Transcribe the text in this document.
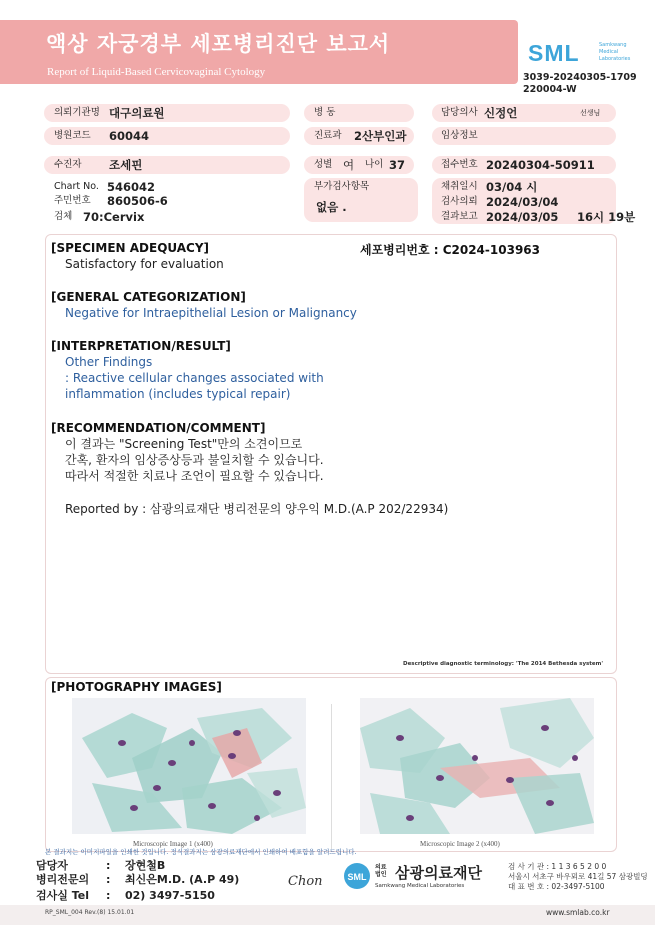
액상 자궁경부 세포병리진단 보고서
Report of Liquid-Based Cervicovaginal Cytology
SML	Samkwang
Medical
Laboratories
3039-20240305-1709
220004-W
의뢰기관명 대구의료원	병 동	담당의사 신정언	선생님
병원코드 60044	진료과 2산부인과	임상정보
수진자 조세핀	성별 여 나이 37	접수번호 20240304-50911
Chart No. 546042
주민번호 860506-6
검체 70:Cervix
부가검사항목
없음 .
채취일시 03/04 시
검사의뢰 2024/03/04
결과보고 2024/03/05 16시 19분
세포병리번호 : C2024-103963
[SPECIMEN ADEQUACY]
Satisfactory for evaluation
[GENERAL CATEGORIZATION]
Negative for Intraepithelial Lesion or Malignancy
[INTERPRETATION/RESULT]
Other Findings
: Reactive cellular changes associated with
inflammation (includes typical repair)
[RECOMMENDATION/COMMENT]
이 결과는 "Screening Test"만의 소견이므로
간혹, 환자의 임상증상등과 불일치할 수 있습니다.
따라서 적절한 치료나 조언이 필요할 수 있습니다.
Reported by : 삼광의료재단 병리전문의 양우익 M.D.(A.P 202/22934)
Descriptive diagnostic terminology: 'The 2014 Bethesda system'
[PHOTOGRAPHY IMAGES]
Microscopic Image 1 (x400)	Microscopic Image 2 (x400)
본 결과지는 이미지파일을 인쇄한 것입니다. 정식결과지는 삼광의료재단에서 인쇄하여 배포함을 알려드립니다.
담당자	: 장현철B
병리전문의 : 최신은M.D. (A.P 49)
검사실 Tel : 02) 3497-5150
Chon	SML
의료 법인 삼광의료재단
Samkwang Medical Laboratories
검 사 기 관 : 1 1 3 6 5 2 0 0
서울시 서초구 바우뫼로 41길 57 삼광빌딩
대 표 번 호 : 02-3497-5100
RP_SML_004 Rev.(8) 15.01.01	www.smlab.co.kr
